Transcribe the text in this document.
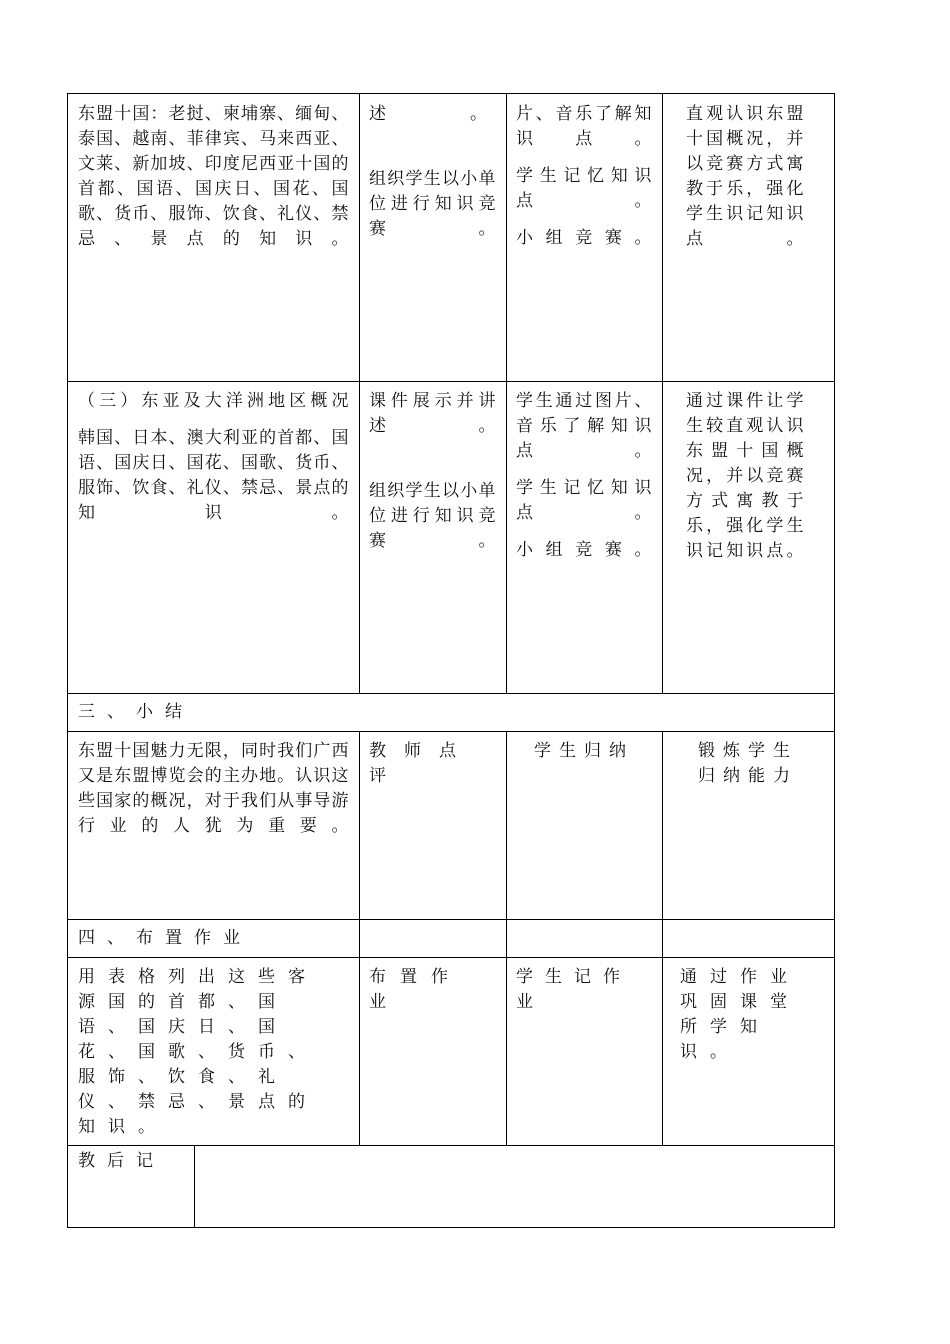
东盟十国：老挝、柬埔寨、缅甸、泰国、越南、菲律宾、马来西亚、文莱、新加坡、印度尼西亚十国的首都、国语、国庆日、国花、国歌、货币、服饰、饮食、礼仪、禁忌、景点的知识。

述。

组织学生以小单位进行知识竞赛。

片、音乐了解知识点。

学生记忆知识点。

小组竞赛。

直观认识东盟十国概况，并以竞赛方式寓教于乐，强化学生识记知识点。

（三）东亚及大洋洲地区概况

韩国、日本、澳大利亚的首都、国语、国庆日、国花、国歌、货币、服饰、饮食、礼仪、禁忌、景点的知识。

课件展示并讲述。

组织学生以小单位进行知识竞赛。

学生通过图片、音乐了解知识点。

学生记忆知识点。

小组竞赛。

通过课件让学生较直观认识东盟十国概况，并以竞赛方式寓教于乐，强化学生识记知识点。

三、小结

东盟十国魅力无限，同时我们广西又是东盟博览会的主办地。认识这些国家的概况，对于我们从事导游行业的人犹为重要。

教师点评
学生归纳	锻炼学生归纳能力
四、布置作业
用表格列出这些客源国的首都、国语、国庆日、国花、国歌、货币、服饰、饮食、礼仪、禁忌、景点的知识。
布置作业
学生记作业
通过作业巩固课堂所学知识。
教后记
